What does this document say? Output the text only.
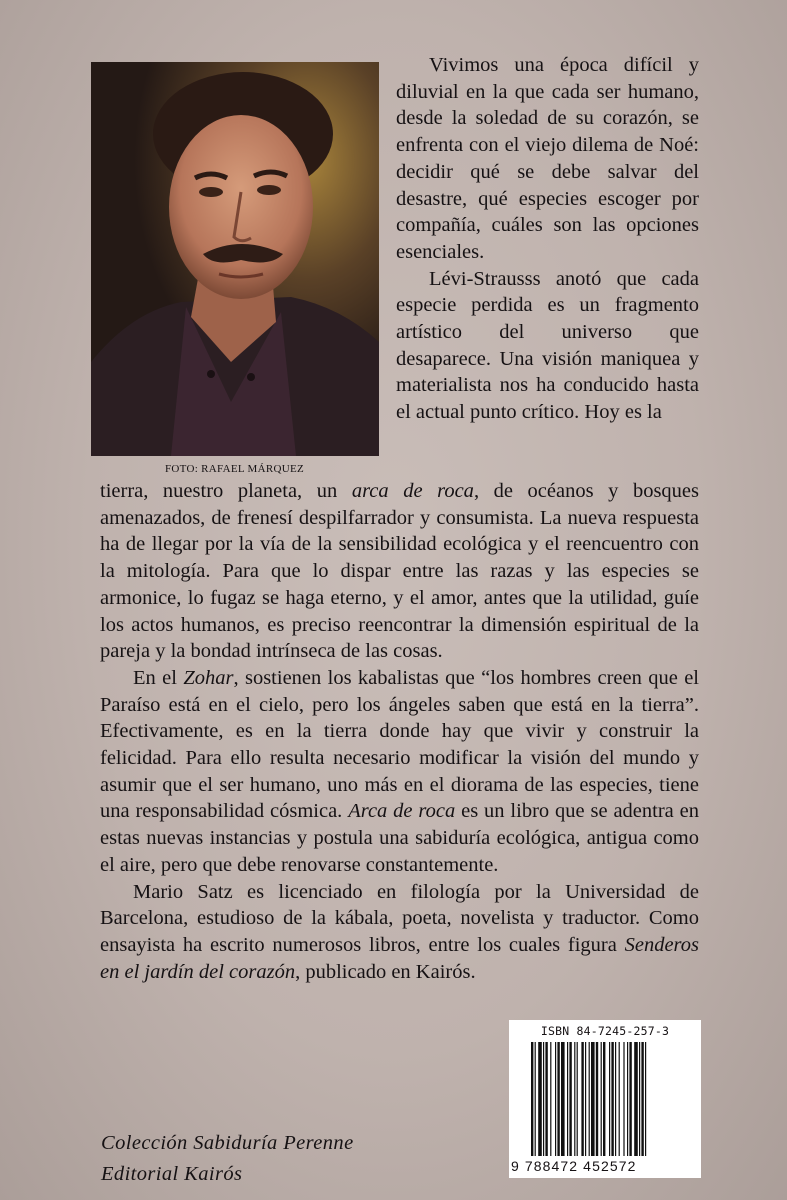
FOTO: RAFAEL MÁRQUEZ

Vivimos una época difícil y diluvial en la que cada ser humano, desde la soledad de su corazón, se enfrenta con el viejo dilema de Noé: decidir qué se debe salvar del desastre, qué especies escoger por compañía, cuáles son las opciones esenciales.

Lévi-Strausss anotó que cada especie perdida es un fragmento artístico del universo que desaparece. Una visión maniquea y materialista nos ha conducido hasta el actual punto crítico. Hoy es la

tierra, nuestro planeta, un arca de roca, de océanos y bosques amenazados, de frenesí despilfarrador y consumista. La nueva respuesta ha de llegar por la vía de la sensibilidad ecológica y el reencuentro con la mitología. Para que lo dispar entre las razas y las especies se armonice, lo fugaz se haga eterno, y el amor, antes que la utilidad, guíe los actos humanos, es preciso reencontrar la dimensión espiritual de la pareja y la bondad intrínseca de las cosas.

En el Zohar, sostienen los kabalistas que “los hombres creen que el Paraíso está en el cielo, pero los ángeles saben que está en la tierra”. Efectivamente, es en la tierra donde hay que vivir y construir la felicidad. Para ello resulta necesario modificar la visión del mundo y asumir que el ser humano, uno más en el diorama de las especies, tiene una responsabilidad cósmica. Arca de roca es un libro que se adentra en estas nuevas instancias y postula una sabiduría ecológica, antigua como el aire, pero que debe renovarse constantemente.

Mario Satz es licenciado en filología por la Universidad de Barcelona, estudioso de la kábala, poeta, novelista y traductor. Como ensayista ha escrito numerosos libros, entre los cuales figura Senderos en el jardín del corazón, publicado en Kairós.

ISBN 84-7245-257-3
9 788472 452572
Colección Sabiduría Perenne
Editorial Kairós
